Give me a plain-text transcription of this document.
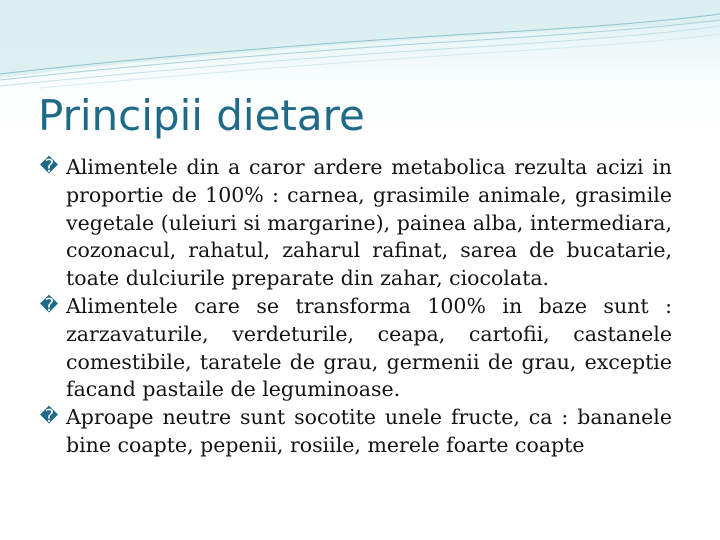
Principii dietare
� Alimentele din a caror ardere metabolica rezulta acizi in proportie de 100% : carnea, grasimile animale, grasimile vegetale (uleiuri si margarine), painea alba, intermediara, cozonacul, rahatul, zaharul rafinat, sarea de bucatarie, toate dulciurile preparate din zahar, ciocolata.
� Alimentele care se transforma 100% in baze sunt : zarzavaturile, verdeturile, ceapa, cartofii, castanele comestibile, taratele de grau, germenii de grau, exceptie facand pastaile de leguminoase.
� Aproape neutre sunt socotite unele fructe, ca : bananele bine coapte, pepenii, rosiile, merele foarte coapte
